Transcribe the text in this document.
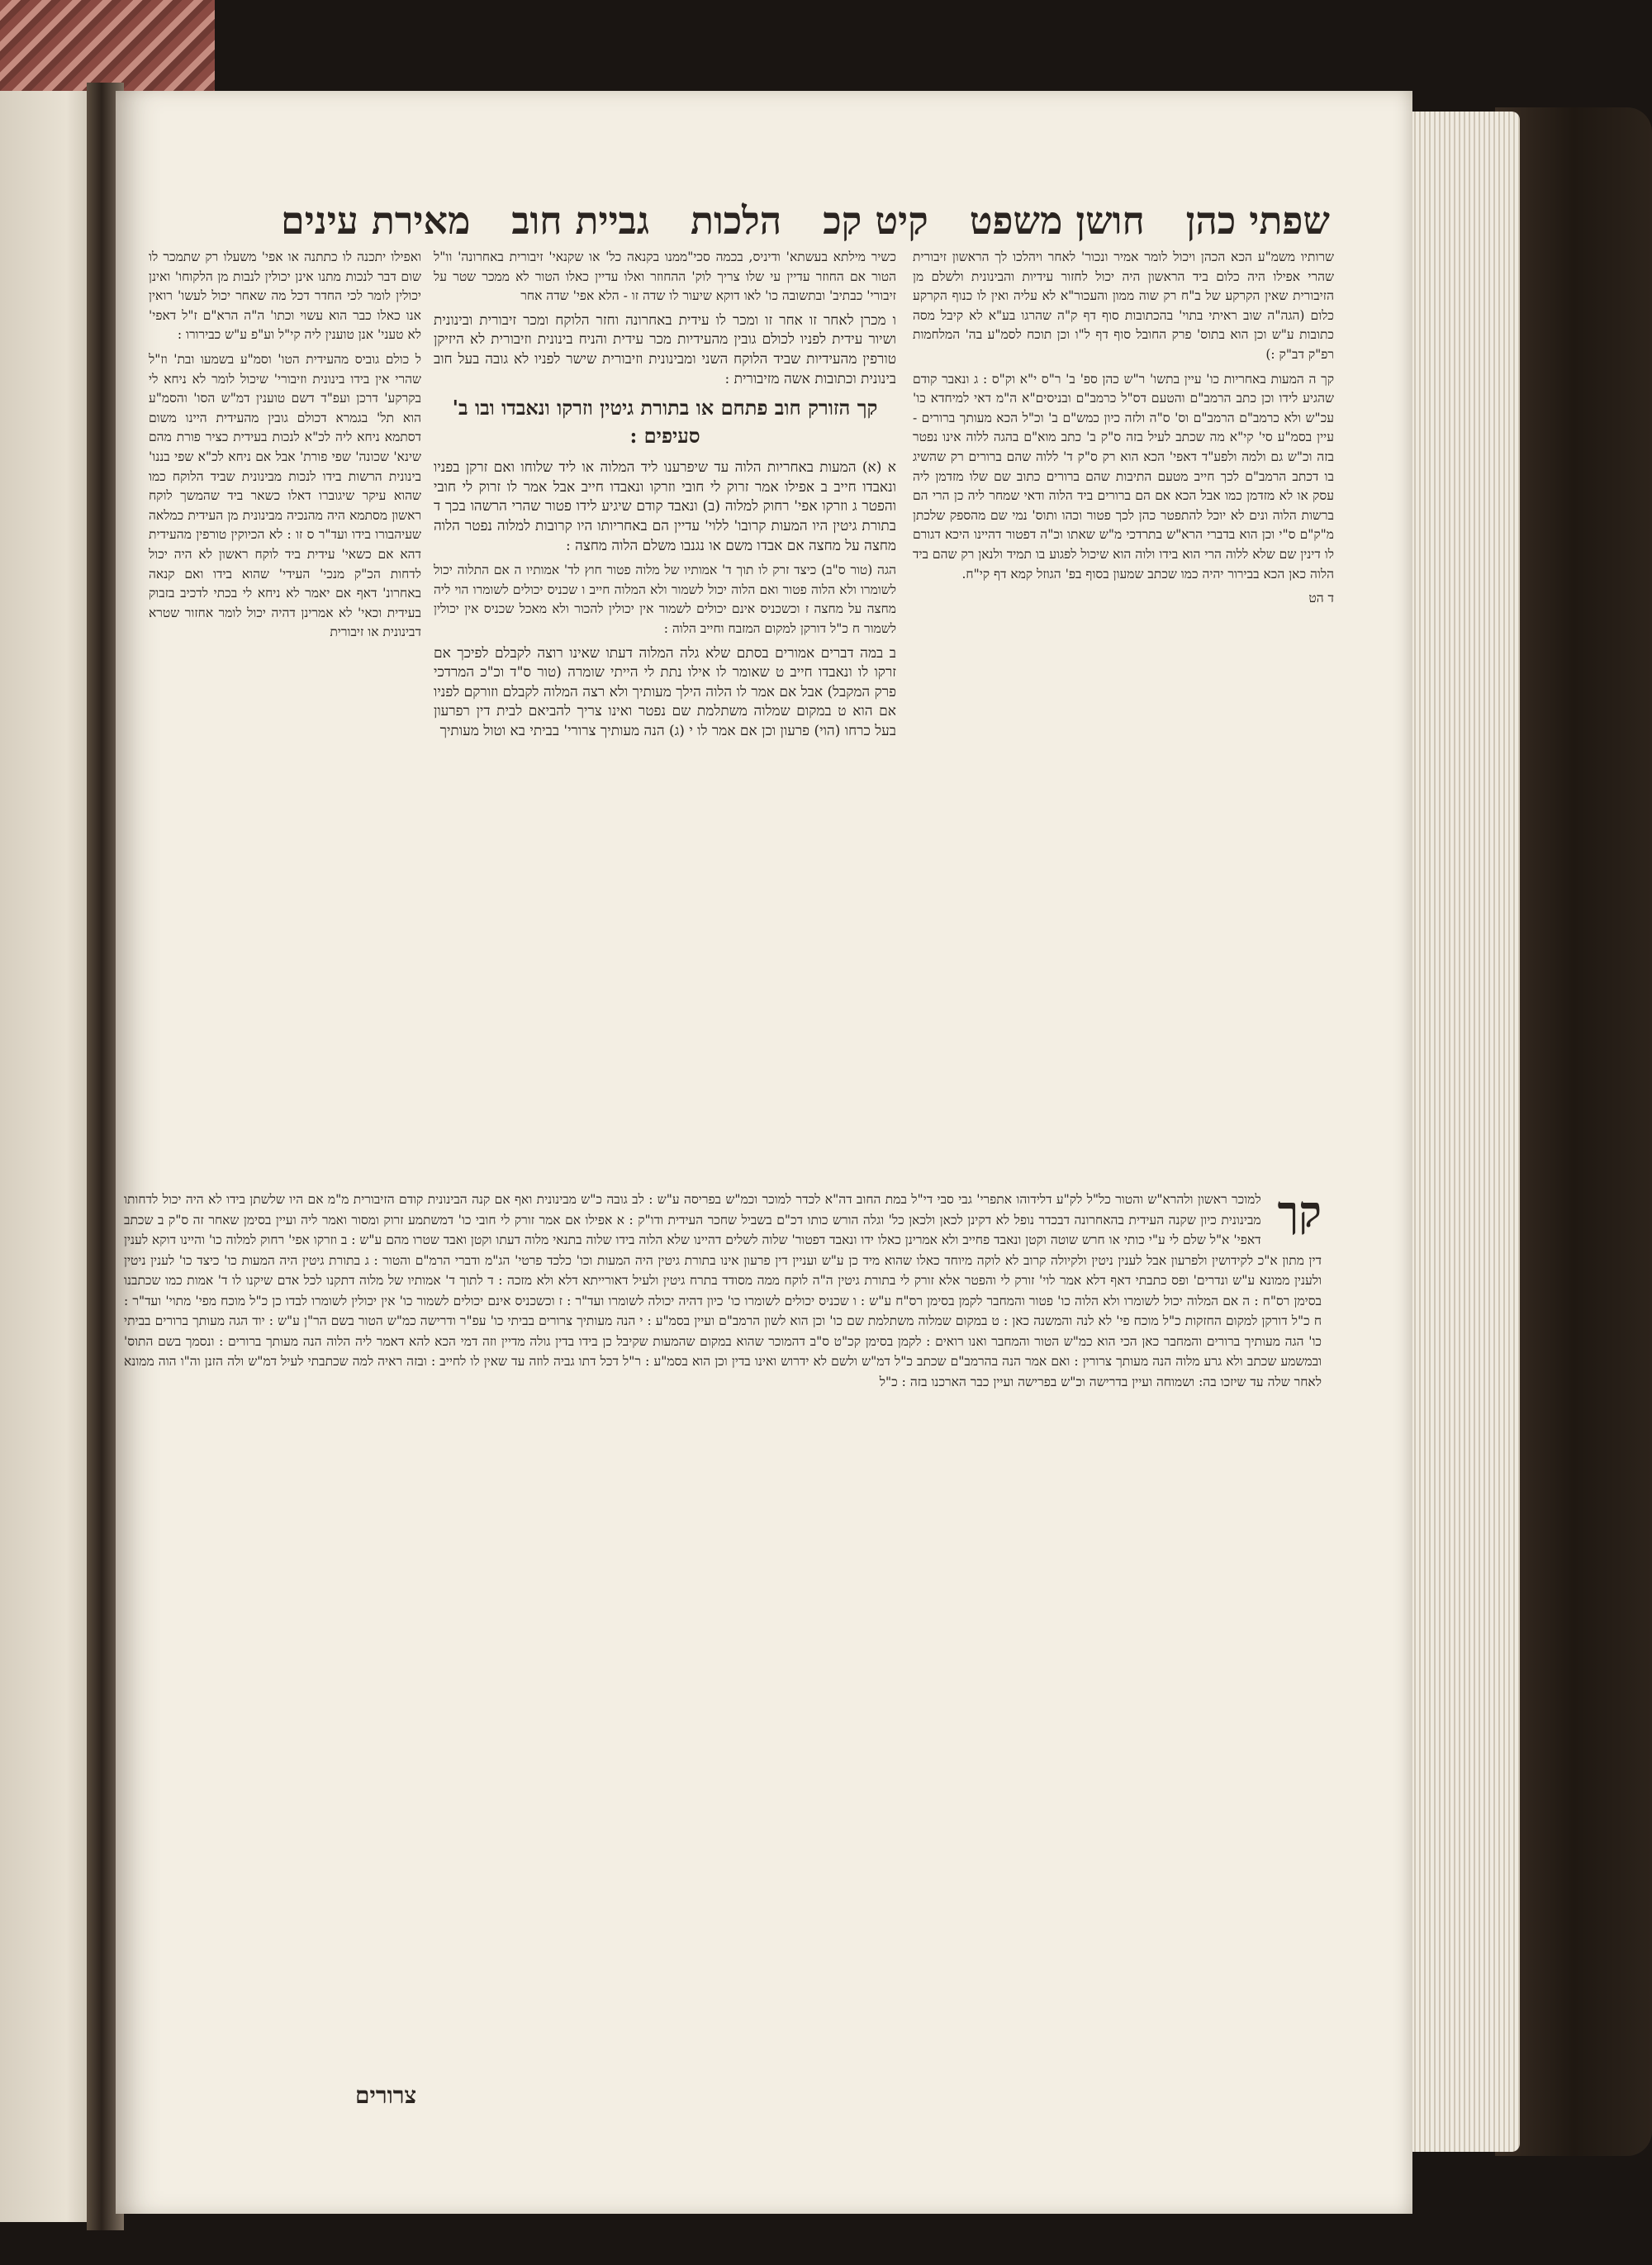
שפתי כהן
חושן משפט
קיט קכ
הלכות
גביית חוב
מאירת עינים

שרותיו משמ"ע הכא הכהן ויכול לומר אמיר ונכור' לאחר ויהלכו לך הראשון זיבורית שהרי אפילו היה כלום ביד הראשון היה יכול לחזור עידיות והבינונית ולשלם מן הזיבורית שאין הקרקע של ב"ח רק שוה ממון והעכור"א לא עליה ואין לו כנוף הקרקע כלום (הגה"ה שוב ראיתי בתוי' בהכתובות סוף דף ק"ה שהרגו בע"א לא קיבל מסה כתובות ע"ש וכן הוא בתוס' פרק החובל סוף דף ל"ו וכן תוכח לסמ"ע בה' המלחמות רפ"ק דב"ק :)

קך ה המעות באחריות כו' עיין בתשו' ר"ש כהן ספ' ב' ר"ס י"א וק"ס : ג ונאבר קודם שהגיע לידו וכן כתב הרמב"ם והטעם דס"ל כרמב"ם ובניסים"א ה"מ דאי למיחדא כו' עכ"ש ולא כרמב"ם הרמב"ם וס' ס"ה ולזה כיון כמש"ם ב' וכ"ל הכא מעותך ברורים - עיין בסמ"ע סי' קי"א מה שכתב לעיל בזה ס"ק ב' כתב מוא"ם בהגה ללוה אינו נפטר בזה וכ"ש גם ולמה ולפע"ד דאפי' הכא הוא רק ס"ק ד' ללוה שהם ברורים רק שהשיג בו דכתב הרמב"ם לכך חייב מטעם התיבות שהם ברורים כתוב שם שלו מזדמן ליה עסק או לא מזדמן כמו אבל הכא אם הם ברורים ביד הלוה ודאי שמחר ליה כן הרי הם ברשות הלוה ונים לא יוכל להתפטר כהן לכך פטור וכהו ותוס' נמי שם מהספק שלכתן מ"ק"ם ס"י וכן הוא בדברי הרא"ש בתרדכי מ"ש שאתו וכ"ה דפטור דהיינו היכא דגורם לו דינין שם שלא ללוה הרי הוא בידו ולוה הוא שיכול לפגוע בו תמיד ולנאן רק שהם ביד הלוה כאן הכא בבירור יהיה כמו שכתב שמעון בסוף בפ' הגוזל קמא דף קי"ח.

ד הט

כשיר מילתא בעשתא' ודיניס, בכמה סכי"ממנו בקנאה כל' או שקנאי' זיבורית באחרונה' וו"ל הטור אם החוזר עדיין עי שלו צריך לוק' ההחוזר ואלו עדיין כאלו הטור לא ממכר שטר על זיבורי' כבתיב' ובתשובה כו' לאו דוקא שיעור לו שדה זו - הלא אפי' שדה אחר

ו מכרן לאחר זו אחר זו ומכר לו עידית באחרונה וחזר הלוקח ומכר זיבורית ובינונית ושיור עידית לפניו לכולם גובין מהעידיות מכר עידית והניח בינונית וזיבורית לא היזיקן טורפין מהעידיות שביד הלוקח השני ומבינונית וזיבורית שישר לפניו לא גובה בעל חוב בינונית וכתובות אשה מזיבורית :

קך הזורק חוב פתחם או בתורת גיטין וזרקו ונאבדו ובו ב' סעיפים :

א (א) המעות באחריות הלוה עד שיפרענו ליד המלוה או ליד שלוחו ואם זרקן בפניו ונאבדו חייב ב אפילו אמר זרוק לי חובי וזרקו ונאבדו חייב אבל אמר לו זרוק לי חובי והפטר ג וזרקו אפי' רחוק למלוה (ב) ונאבד קודם שיגיע לידו פטור שהרי הרשהו בכך ד בתורת גיטין היו המעות קרובו' ללוי' עדיין הם באחריותו היו קרובות למלוה נפטר הלוה מחצה על מחצה אם אבדו משם או נגנבו משלם הלוה מחצה :

הגה (טור ס"ב) כיצד זרק לו תוך ד' אמותיו של מלוה פטור חוץ לד' אמותיו ה אם התלוה יכול לשומרו ולא הלוה פטור ואם הלוה יכול לשמור ולא המלוה חייב ו שכניס יכולים לשומרו הוי ליה מחצה על מחצה ז וכשכניס אינם יכולים לשמור אין יכולין להכור ולא מאכל שכניס אין יכולין לשמור ח כ"ל דורקן למקום המזבח וחייב הלוה :

ב במה דברים אמורים בסתם שלא גלה המלוה דעתו שאינו רוצה לקבלם לפיכך אם זרקו לו ונאבדו חייב ט שאומר לו אילו נתת לי הייתי שומרה (טור ס"ד וכ"כ המרדכי פרק המקבל) אבל אם אמר לו הלוה הילך מעותיך ולא רצה המלוה לקבלם וזורקם לפניו אם הוא ט במקום שמלוה משתלמת שם נפטר ואינו צריך להביאם לבית דין רפרעון בעל כרחו (הוי) פרעון וכן אם אמר לו י (ג) הנה מעותיך צרורי' בביתי בא וטול מעותיך

ואפילו יתכנה לו כתתנה או אפי' משעלו רק שתמכר לו שום דבר לנכות מתנו אינן יכולין לנבות מן הלקוחו' ואינן יכולין לומר לכי החדר דכל מה שאחר יכול לעשו' רואין אנו כאלו כבר הוא עשוי וכתו' ה"ה הרא"ם ז"ל דאפי' לא טעני' אנן טוענין ליה קי"ל וע"פ ע"ש כבירורו :

ל כולם גוביס מהעידית הטו' וסמ"ע בשמעו ובת' וז"ל שהרי אין בידו בינונית וזיבורי' שיכול לומר לא ניחא לי בקרקע' דרכן ועפ"ד דשם טוענין דמ"ש הסו' והסמ"ע הוא תל' בגמרא דכולם גובין מהעידית היינו משום דסתמא ניחא ליה לכ"א לנכות בעידית כציר פורת מהם שינא' שכונה' שפי פורת' אבל אם ניחא לכ"א שפי בננו' בינונית הרשות בידו לנכות מבינונית שביד הלוקח כמו שהוא עיקר שיגוברו דאלו כשאר ביד שהמשך לוקח ראשון מסתמא היה מהנכיה מבינונית מן העידית כמלאה שעיהבורו בידו ועד"ר ס זו : לא הכיוקין טורפין מהעידית דהא אם כשאי' עידית ביד לוקח ראשון לא היה יכול לדחות הכ"ק מנכי' העידי' שהוא בידו ואם קנאה באחרונ' דאף אם יאמר לא ניחא לי בכתי לדכיב בזבוק בעידית וכאי' לא אמרינן דהיה יכול לומר אחזור שטרא דבינונית או זיבורית

קך
למוכר ראשון ולהרא"ש והטור כל"ל לק"ע דלידוהו אתפרי' גבי סבי די"ל במת החוב דה"א לכדר למוכר וכמ"ש בפריסה ע"ש : לב גובה כ"ש מבינונית ואף אם קנה הבינונית קודם הזיבורית מ"מ אם היו שלשתן בידו לא היה יכול לדחותו מבינונית כיון שקנה העידית בהאחרונה דבכדר נופל לא דקינן לכאן ולכאן כל' וגלה הורש כותו דכ"ם בשביל שחכר העידית ודו"ק : א אפילו אם אמר זורק לי חובי כו' דמשתמע זרוק ומסור ואמר ליה ועיין בסימן שאחר זה ס"ק ב שכתב דאפי' א"ל שלם לי ע"י כותי או חרש שוטה וקטן ונאבד פחייב ולא אמרינן כאלו ידו ונאבד דפטור' שלוה לשלים דהיינו שלא הלוה בידו שלוה בתנאי מלוה דעתו וקטן ואבד שטרו מהם ע"ש : ב וזרקו אפי' רחוק למלוה כו' והיינו דוקא לענין דין מתון א"כ לקידושין ולפרעון אבל לענין ניטין ולקיולה קרוב לא לוקה מיוחד כאלו שהוא מיד כן ע"ש ועניין דין פרעון אינו בתורת גיטין היה המעות וכו' כלכד פרטי' הג"מ ודברי הרמ"ם והטור : ג בתורת גיטין היה המעות כו' כיצד כו' לענין ניטין ולענין ממונא ע"ש ונדרים' ופס כתבתי דאף דלא אמר לוי' זורק לי והפטר אלא זורק לי בתורת גיטין ה"ה לוקח ממה מסודד בתרח גיטין ולעיל דאורייתא דלא ולא מזכה : ד לתוך ד' אמותיו של מלוה דתקנו לכל אדם שיקנו לו ד' אמות כמו שכתבנו בסימן רס"ח : ה אם המלוה יכול לשומרו ולא הלוה כו' פטור והמחבר לקמן בסימן רס"ח ע"ש : ו שכניס יכולים לשומרו כו' כיון דהיה יכולה לשומרו ועד"ר : ז וכשכניס אינם יכולים לשמור כו' אין יכולין לשומרו לבדו כן כ"ל מוכח מפי' מתוי' ועד"ר : ח כ"ל דורקן למקום החזקות כ"ל מוכח פי' לא לנה והמשנה כאן : ט במקום שמלוה משתלמת שם כו' וכן הוא לשון הרמב"ם ועיין בסמ"ע : י הנה מעותיך צרורים בביתי כו' עפ"ר ודרישה כמ"ש הטור בשם הר"ן ע"ש : יוד הגה מעותך ברורים בביתי כו' הגה מעותיך ברורים והמחבר כאן הכי הוא כמ"ש הטור והמחבר ואנו רואים : לקמן בסימן קכ"ט ס"ב דהמוכר שהוא במקום שהמעות שקיבל כן בידו בדין גולה מדיין וזה דמי הכא להא דאמר ליה הלוה הנה מעותך ברורים : ונסמך בשם התוס' ובמשמע שכתב ולא גרע מלוה הנה מעותך צרורין : ואם אמר הנה בהרמב"ם שכתב כ"ל דמ"ש ולשם לא ידרוש ואינו בדין וכן הוא בסמ"ע : ר"ל דכל דתו גביה לוזה עד שאין לו לחייב : ובזה ראיה למה שכתבתי לעיל דמ"ש ולה הזנן וה"ו הוה ממונא לאחר שלה עד שיזכו בה: ושמוחה ועיין בדרישה וכ"ש בפרישה ועיין כבר הארכנו בזה : כ"ל
צרורים
